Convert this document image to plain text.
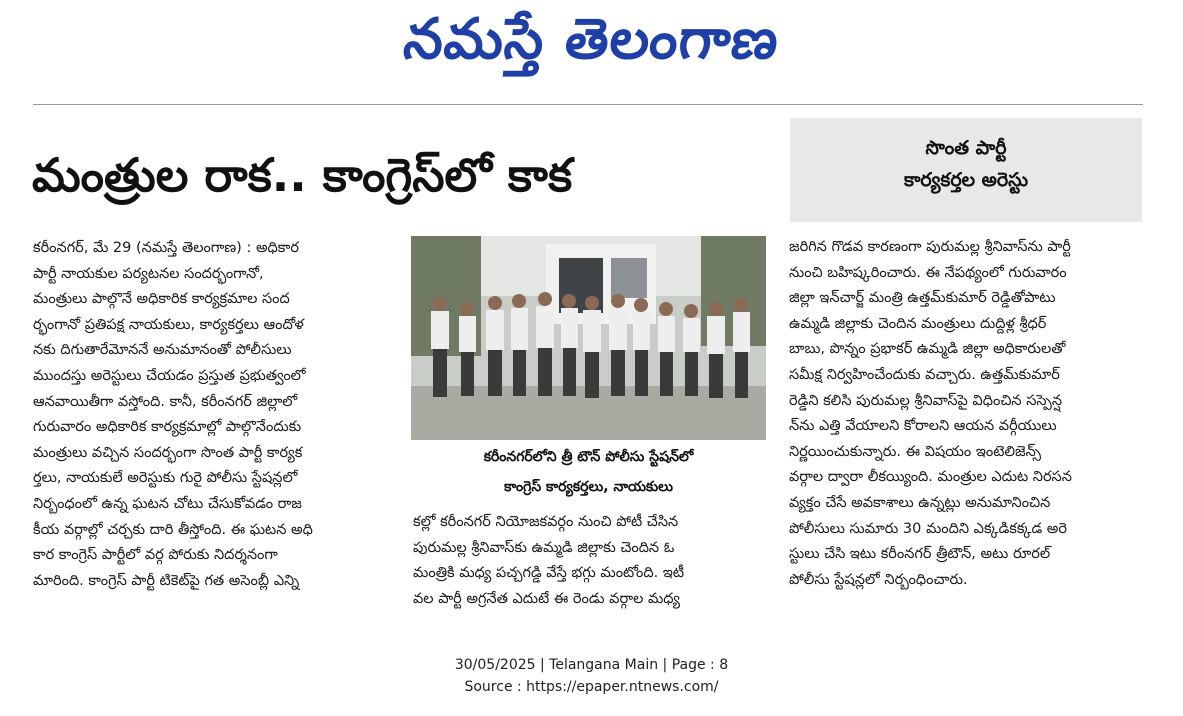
నమస్తే తెలంగాణ
మంత్రుల రాక.. కాంగ్రెస్‌లో కాక	సొంత పార్టీ
కార్యకర్తల అరెస్టు

కరీంనగర్, మే 29 (నమస్తే తెలంగాణ) : అధికార

పార్టీ నాయకుల పర్యటనల సందర్భంగానో,

మంత్రులు పాల్గొనే అధికారిక కార్యక్రమాల సంద

ర్భంగానో ప్రతిపక్ష నాయకులు, కార్యకర్తలు ఆందోళ

నకు దిగుతారేమోననే అనుమానంతో పోలీసులు

ముందస్తు అరెస్టులు చేయడం ప్రస్తుత ప్రభుత్వంలో

ఆనవాయితీగా వస్తోంది. కానీ, కరీంనగర్ జిల్లాలో

గురువారం అధికారిక కార్యక్రమాల్లో పాల్గొనేందుకు

మంత్రులు వచ్చిన సందర్భంగా సొంత పార్టీ కార్యక

ర్తలు, నాయకులే అరెస్టుకు గురై పోలీసు స్టేషన్లలో

నిర్బంధంలో ఉన్న ఘటన చోటు చేసుకోవడం రాజ

కీయ వర్గాల్లో చర్చకు దారి తీస్తోంది. ఈ ఘటన అధి

కార కాంగ్రెస్ పార్టీలో వర్గ పోరుకు నిదర్శనంగా

మారింది. కాంగ్రెస్ పార్టీ టికెట్‌పై గత అసెంబ్లీ ఎన్ని

కరీంనగర్‌లోని త్రీ టౌన్ పోలీసు స్టేషన్‌లో
కాంగ్రెస్ కార్యకర్తలు, నాయకులు

కల్లో కరీంనగర్ నియోజకవర్గం నుంచి పోటీ చేసిన

పురుమల్ల శ్రీనివాస్‌కు ఉమ్మడి జిల్లాకు చెందిన ఓ

మంత్రికి మధ్య పచ్చగడ్డి వేస్తే భగ్గు మంటోంది. ఇటీ

వల పార్టీ అగ్రనేత ఎదుటే ఈ రెండు వర్గాల మధ్య

జరిగిన గొడవ కారణంగా పురుమల్ల శ్రీనివాస్‌ను పార్టీ

నుంచి బహిష్కరించారు. ఈ నేపథ్యంలో గురువారం

జిల్లా ఇన్‌చార్జ్ మంత్రి ఉత్తమ్‌కుమార్ రెడ్డితోపాటు

ఉమ్మడి జిల్లాకు చెందిన మంత్రులు దుద్దిళ్ల శ్రీధర్

బాబు, పొన్నం ప్రభాకర్ ఉమ్మడి జిల్లా అధికారులతో

సమీక్ష నిర్వహించేందుకు వచ్చారు. ఉత్తమ్‌కుమార్

రెడ్డిని కలిసి పురుమల్ల శ్రీనివాస్‌పై విధించిన సస్పెన్ష

న్‌ను ఎత్తి వేయాలని కోరాలని ఆయన వర్గీయులు

నిర్ణయించుకున్నారు. ఈ విషయం ఇంటెలిజెన్స్

వర్గాల ద్వారా లీకయ్యింది. మంత్రుల ఎదుట నిరసన

వ్యక్తం చేసే అవకాశాలు ఉన్నట్లు అనుమానించిన

పోలీసులు సుమారు 30 మందిని ఎక్కడికక్కడ అరె

స్టులు చేసి ఇటు కరీంనగర్ త్రీటౌన్, అటు రూరల్

పోలీసు స్టేషన్లలో నిర్బంధించారు.

30/05/2025 | Telangana Main | Page : 8
Source : https://epaper.ntnews.com/
